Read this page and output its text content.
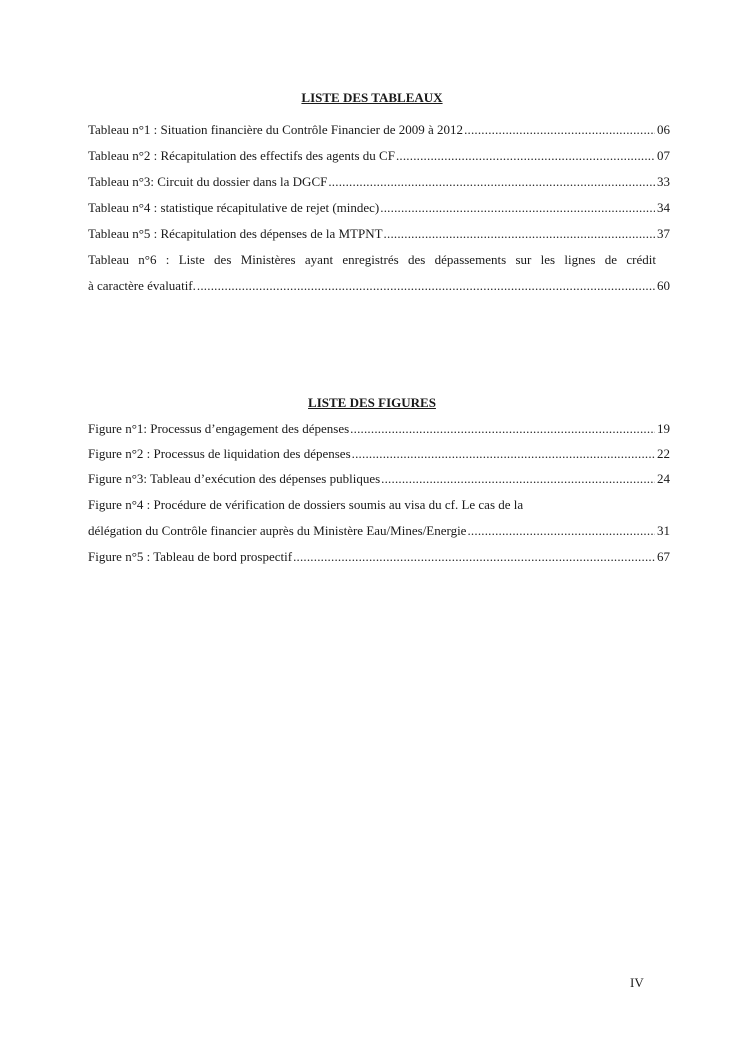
LISTE DES TABLEAUX
Tableau n°1 : Situation financière du Contrôle Financier de 2009 à 2012 .....	06
Tableau n°2 : Récapitulation des effectifs des agents du CF .....	07
Tableau n°3: Circuit du dossier dans la DGCF .....	33
Tableau n°4 : statistique récapitulative de rejet (mindec) .....	34
Tableau n°5 : Récapitulation des dépenses de la MTPNT .....	37
Tableau n°6 : Liste des Ministères ayant enregistrés des dépassements sur les lignes de crédit
à caractère évaluatif. .....	60
LISTE DES FIGURES
Figure n°1: Processus d’engagement des dépenses .....	19
Figure n°2 : Processus de liquidation des dépenses .....	22
Figure n°3: Tableau d’exécution des dépenses publiques .....	24
Figure n°4 : Procédure de vérification de dossiers soumis au visa du cf. Le cas de la
délégation du Contrôle financier auprès du Ministère Eau/Mines/Energie .....	31
Figure n°5 : Tableau de bord prospectif .....	67
IV
